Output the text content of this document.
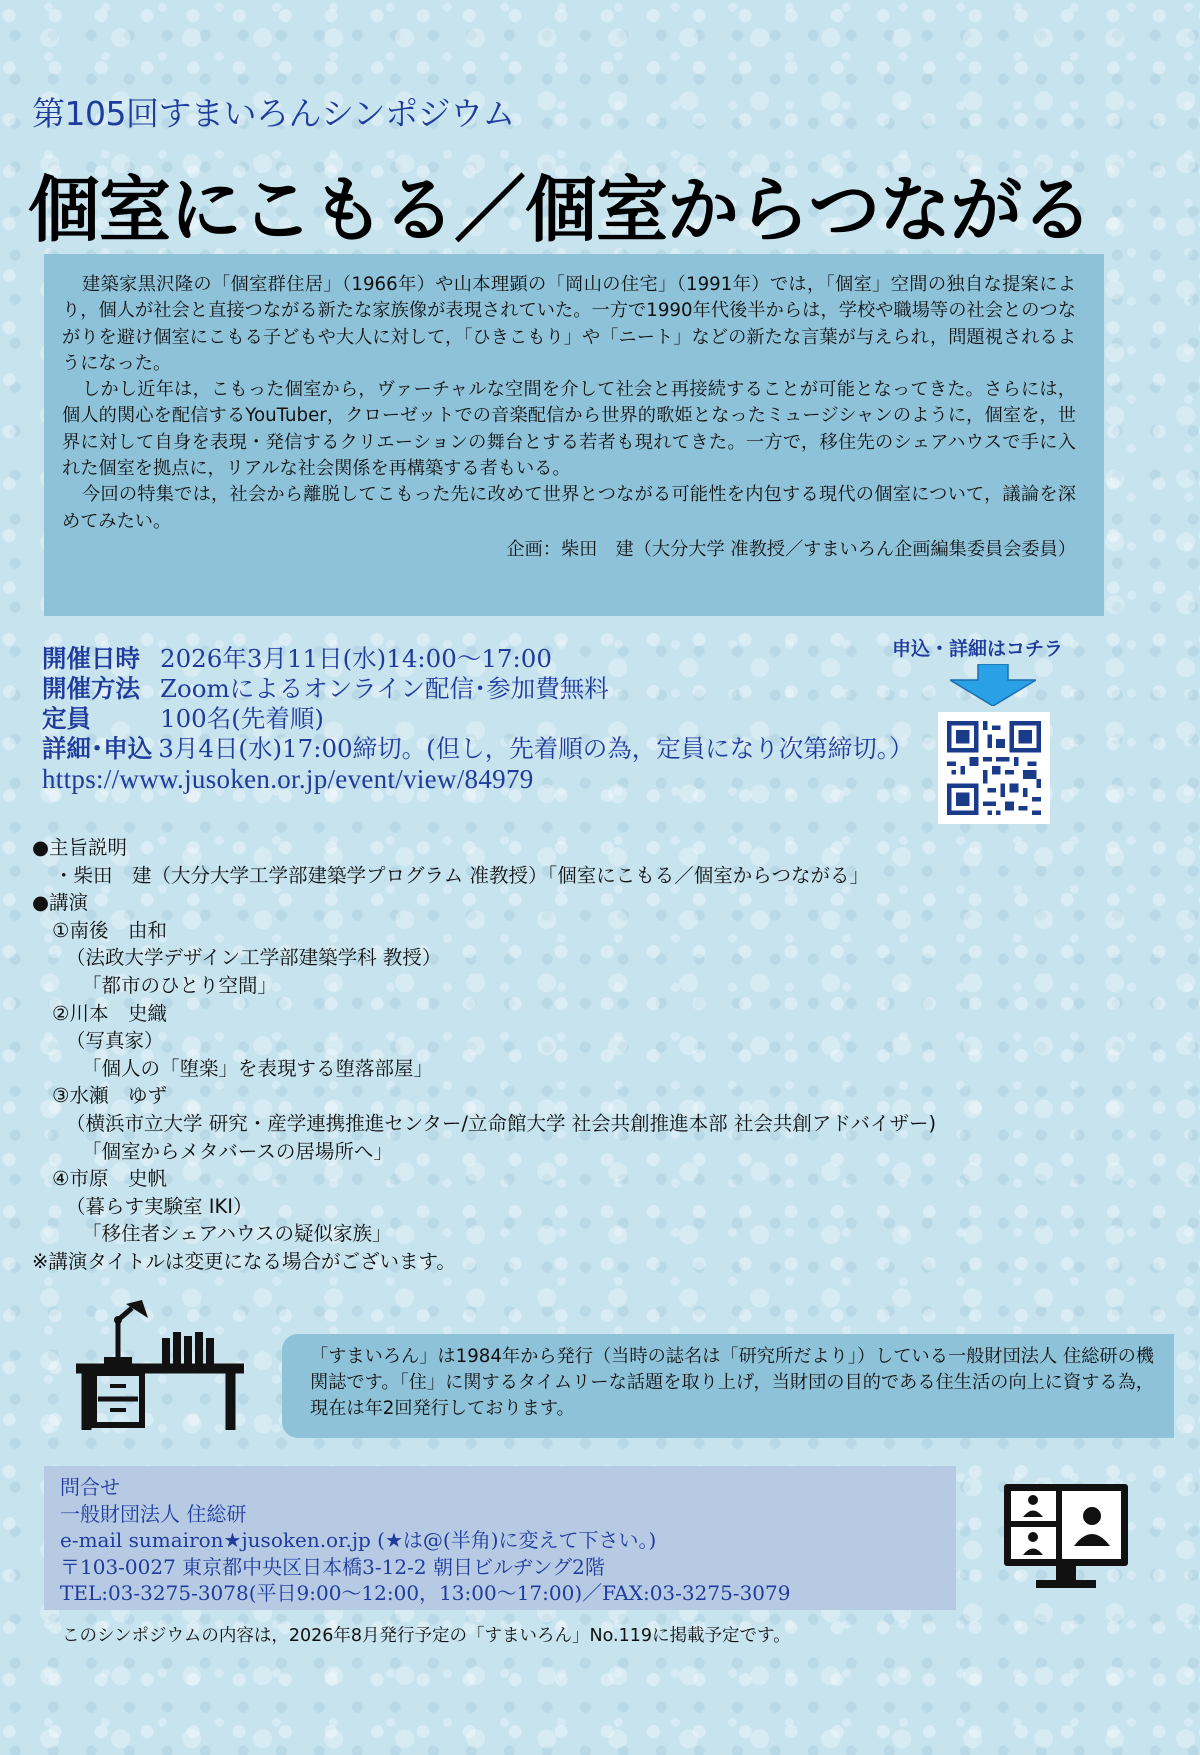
第105回すまいろんシンポジウム
個室にこもる／個室からつながる

建築家黒沢隆の「個室群住居」（1966年）や山本理顕の「岡山の住宅」（1991年）では，「個室」空間の独自な提案により，個人が社会と直接つながる新たな家族像が表現されていた。一方で1990年代後半からは，学校や職場等の社会とのつながりを避け個室にこもる子どもや大人に対して，「ひきこもり」や「ニート」などの新たな言葉が与えられ，問題視されるようになった。

しかし近年は，こもった個室から，ヴァーチャルな空間を介して社会と再接続することが可能となってきた。さらには，個人的関心を配信するYouTuber，クローゼットでの音楽配信から世界的歌姫となったミュージシャンのように，個室を，世界に対して自身を表現・発信するクリエーションの舞台とする若者も現れてきた。一方で，移住先のシェアハウスで手に入れた個室を拠点に，リアルな社会関係を再構築する者もいる。

今回の特集では，社会から離脱してこもった先に改めて世界とつながる可能性を内包する現代の個室について，議論を深めてみたい。

企画：柴田　建（大分大学 准教授／すまいろん企画編集委員会委員）

開催日時 2026年3月11日(水)14:00～17:00
開催方法 Zoomによるオンライン配信･参加費無料
定員	100名(先着順)
詳細･申込 3月4日(水)17:00締切。(但し，先着順の為，定員になり次第締切。）
https://www.jusoken.or.jp/event/view/84979
申込・詳細はコチラ
●主旨説明
・柴田　建（大分大学工学部建築学プログラム 准教授）「個室にこもる／個室からつながる」
●講演
①南後　由和
（法政大学デザイン工学部建築学科 教授）
「都市のひとり空間」
②川本　史織
（写真家）
「個人の「堕楽」を表現する堕落部屋」
③水瀬　ゆず
（横浜市立大学 研究・産学連携推進センター/立命館大学 社会共創推進本部 社会共創アドバイザー)
「個室からメタバースの居場所へ」
④市原　史帆
（暮らす実験室 IKI）
「移住者シェアハウスの疑似家族」
※講演タイトルは変更になる場合がございます。
「すまいろん」は1984年から発行（当時の誌名は「研究所だより」）している一般財団法人 住総研の機関誌です。「住」に関するタイムリーな話題を取り上げ，当財団の目的である住生活の向上に資する為，現在は年2回発行しております。
問合せ
一般財団法人 住総研
e-mail sumairon★jusoken.or.jp (★は@(半角)に変えて下さい。)
〒103-0027 東京都中央区日本橋3-12-2 朝日ビルヂング2階
TEL:03-3275-3078(平日9:00～12:00，13:00～17:00)／FAX:03-3275-3079
このシンポジウムの内容は，2026年8月発行予定の「すまいろん」No.119に掲載予定です。
